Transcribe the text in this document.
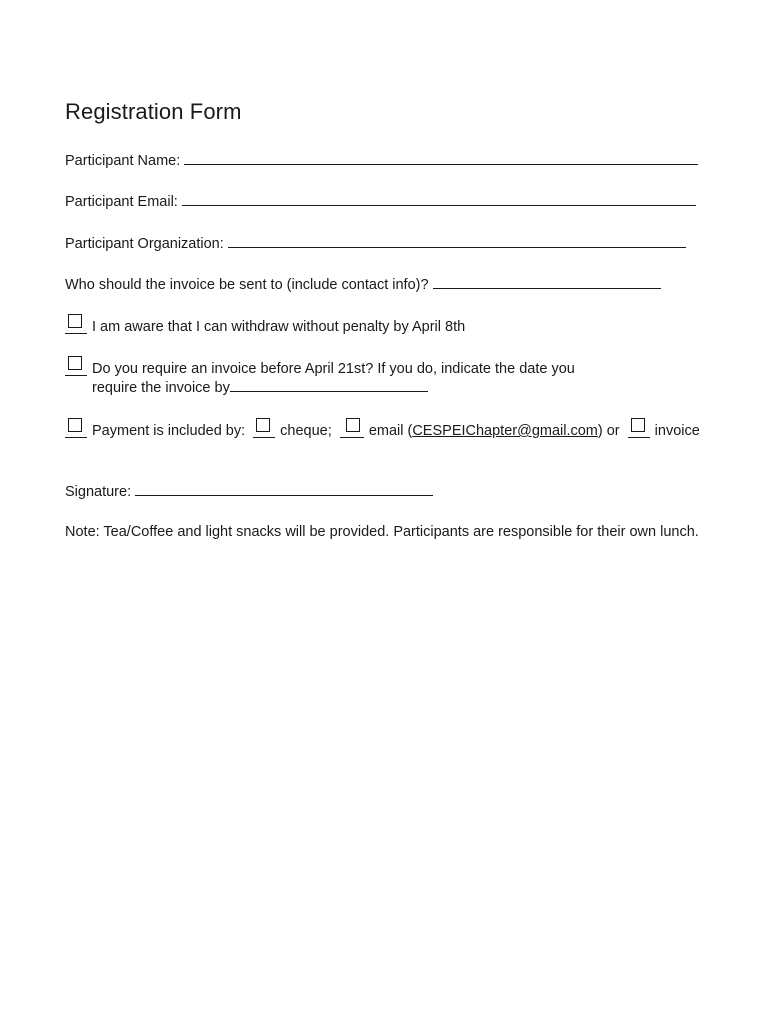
Registration Form
Participant Name:
Participant Email:
Participant Organization:
Who should the invoice be sent to (include contact info)?
I am aware that I can withdraw without penalty by April 8th
Do you require an invoice before April 21st? If you do, indicate the date you
require the invoice by
Payment is included by: cheque;	email (CESPEIChapter@gmail.com) or invoice
Signature:
Note: Tea/Coffee and light snacks will be provided. Participants are responsible for their own lunch.
